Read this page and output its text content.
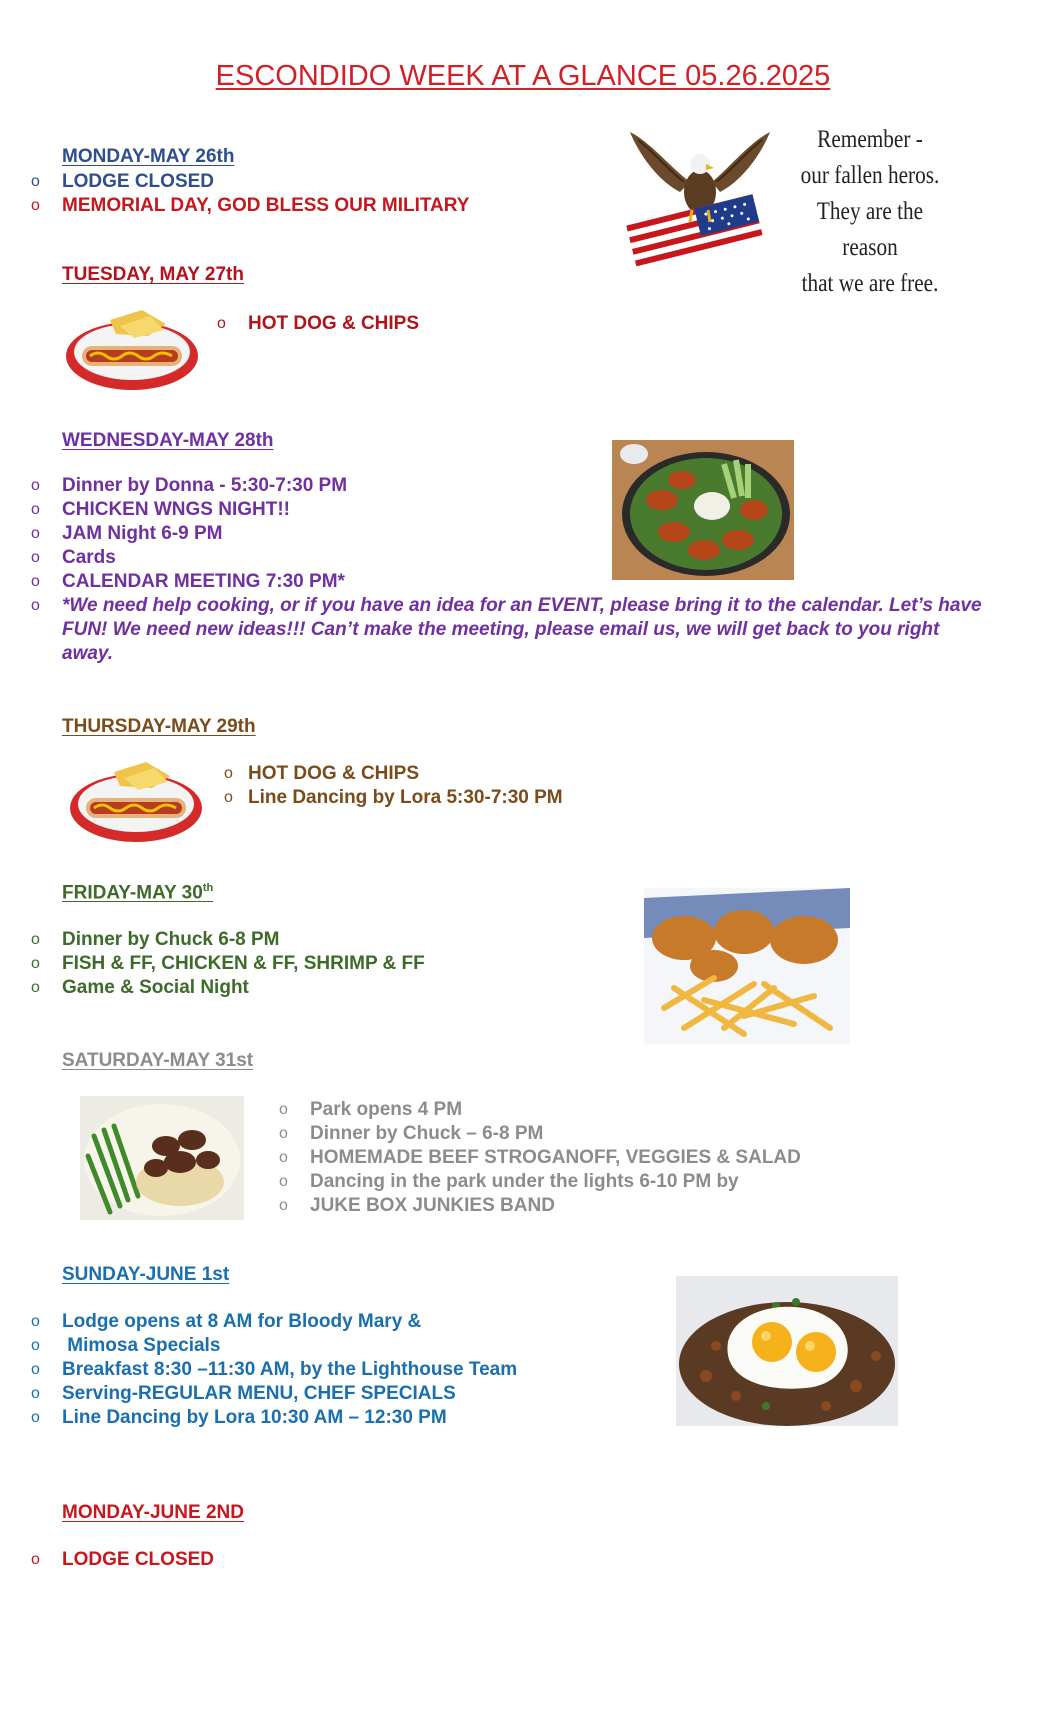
ESCONDIDO WEEK AT A GLANCE 05.26.2025
MONDAY-MAY 26th
o LODGE CLOSED
o MEMORIAL DAY, GOD BLESS OUR MILITARY
Remember -
our fallen heros.
They are the reason
that we are free.
TUESDAY, MAY 27th
o HOT DOG & CHIPS
WEDNESDAY-MAY 28th
o Dinner by Donna - 5:30-7:30 PM
o CHICKEN WNGS NIGHT!!
o JAM Night 6-9 PM
o Cards
o CALENDAR MEETING 7:30 PM*
o *We need help cooking, or if you have an idea for an EVENT, please bring it to the calendar. Let’s have FUN! We need new ideas!!! Can’t make the meeting, please email us, we will get back to you right away.
THURSDAY-MAY 29th
o HOT DOG & CHIPS
o Line Dancing by Lora 5:30-7:30 PM
FRIDAY-MAY 30th
o Dinner by Chuck 6-8 PM
o FISH & FF, CHICKEN & FF, SHRIMP & FF
o Game & Social Night
SATURDAY-MAY 31st
o Park opens 4 PM
o Dinner by Chuck – 6-8 PM
o HOMEMADE BEEF STROGANOFF, VEGGIES & SALAD
o Dancing in the park under the lights 6-10 PM by
o JUKE BOX JUNKIES BAND
SUNDAY-JUNE 1st
o Lodge opens at 8 AM for Bloody Mary &
o Mimosa Specials
o Breakfast 8:30 –11:30 AM, by the Lighthouse Team
o Serving-REGULAR MENU, CHEF SPECIALS
o Line Dancing by Lora 10:30 AM – 12:30 PM
MONDAY-JUNE 2ND
o LODGE CLOSED
